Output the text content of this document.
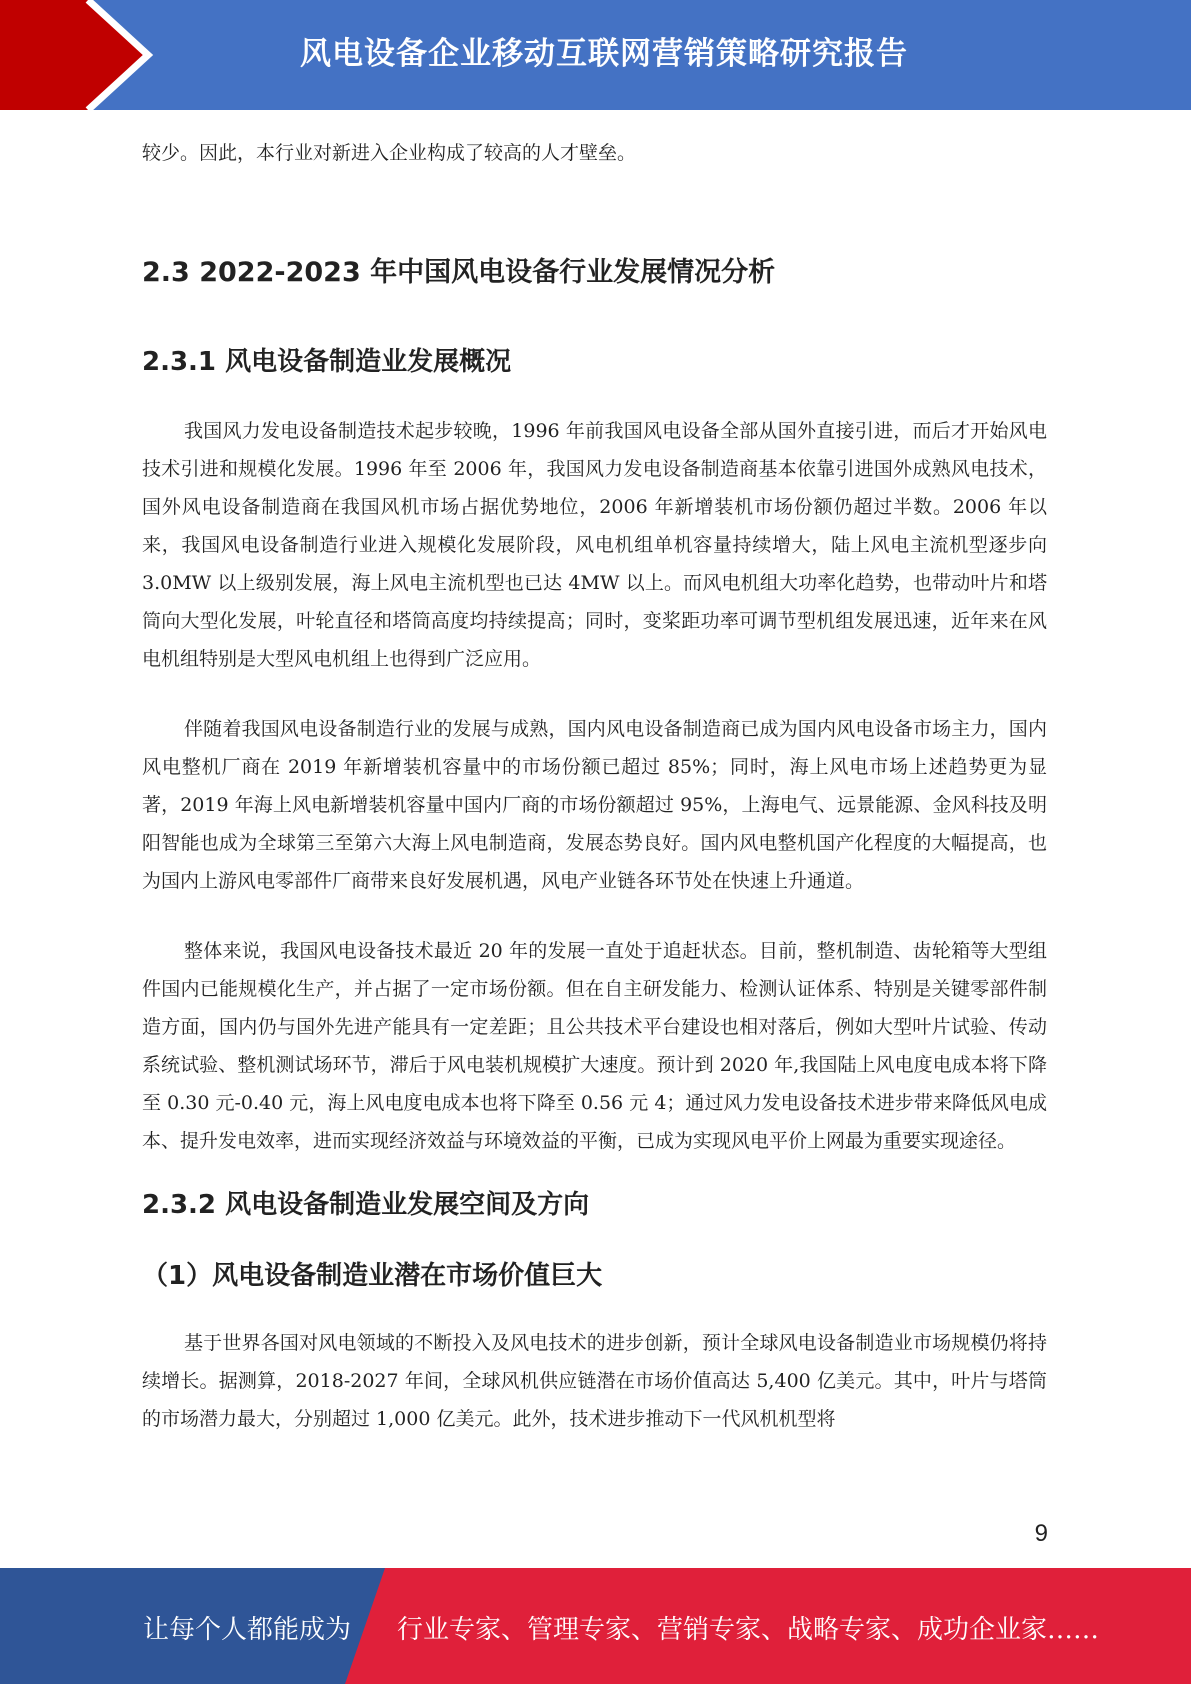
风电设备企业移动互联网营销策略研究报告

较少。因此，本行业对新进入企业构成了较高的人才壁垒。

2.3 2022-2023 年中国风电设备行业发展情况分析
2.3.1 风电设备制造业发展概况

我国风力发电设备制造技术起步较晚，1996 年前我国风电设备全部从国外直接引进，而后才开始风电技术引进和规模化发展。1996 年至 2006 年，我国风力发电设备制造商基本依靠引进国外成熟风电技术，国外风电设备制造商在我国风机市场占据优势地位，2006 年新增装机市场份额仍超过半数。2006 年以来，我国风电设备制造行业进入规模化发展阶段，风电机组单机容量持续增大，陆上风电主流机型逐步向 3.0MW 以上级别发展，海上风电主流机型也已达 4MW 以上。而风电机组大功率化趋势，也带动叶片和塔筒向大型化发展，叶轮直径和塔筒高度均持续提高；同时，变桨距功率可调节型机组发展迅速，近年来在风电机组特别是大型风电机组上也得到广泛应用。

伴随着我国风电设备制造行业的发展与成熟，国内风电设备制造商已成为国内风电设备市场主力，国内风电整机厂商在 2019 年新增装机容量中的市场份额已超过 85%；同时，海上风电市场上述趋势更为显著，2019 年海上风电新增装机容量中国内厂商的市场份额超过 95%，上海电气、远景能源、金风科技及明阳智能也成为全球第三至第六大海上风电制造商，发展态势良好。国内风电整机国产化程度的大幅提高，也为国内上游风电零部件厂商带来良好发展机遇，风电产业链各环节处在快速上升通道。

整体来说，我国风电设备技术最近 20 年的发展一直处于追赶状态。目前，整机制造、齿轮箱等大型组件国内已能规模化生产，并占据了一定市场份额。但在自主研发能力、检测认证体系、特别是关键零部件制造方面，国内仍与国外先进产能具有一定差距；且公共技术平台建设也相对落后，例如大型叶片试验、传动系统试验、整机测试场环节，滞后于风电装机规模扩大速度。预计到 2020 年,我国陆上风电度电成本将下降至 0.30 元-0.40 元，海上风电度电成本也将下降至 0.56 元 4；通过风力发电设备技术进步带来降低风电成本、提升发电效率，进而实现经济效益与环境效益的平衡，已成为实现风电平价上网最为重要实现途径。

2.3.2 风电设备制造业发展空间及方向
（1）风电设备制造业潜在市场价值巨大

基于世界各国对风电领域的不断投入及风电技术的进步创新，预计全球风电设备制造业市场规模仍将持续增长。据测算，2018-2027 年间，全球风机供应链潜在市场价值高达 5,400 亿美元。其中，叶片与塔筒的市场潜力最大，分别超过 1,000 亿美元。此外，技术进步推动下一代风机机型将

9
让每个人都能成为 行业专家、管理专家、营销专家、战略专家、成功企业家……
